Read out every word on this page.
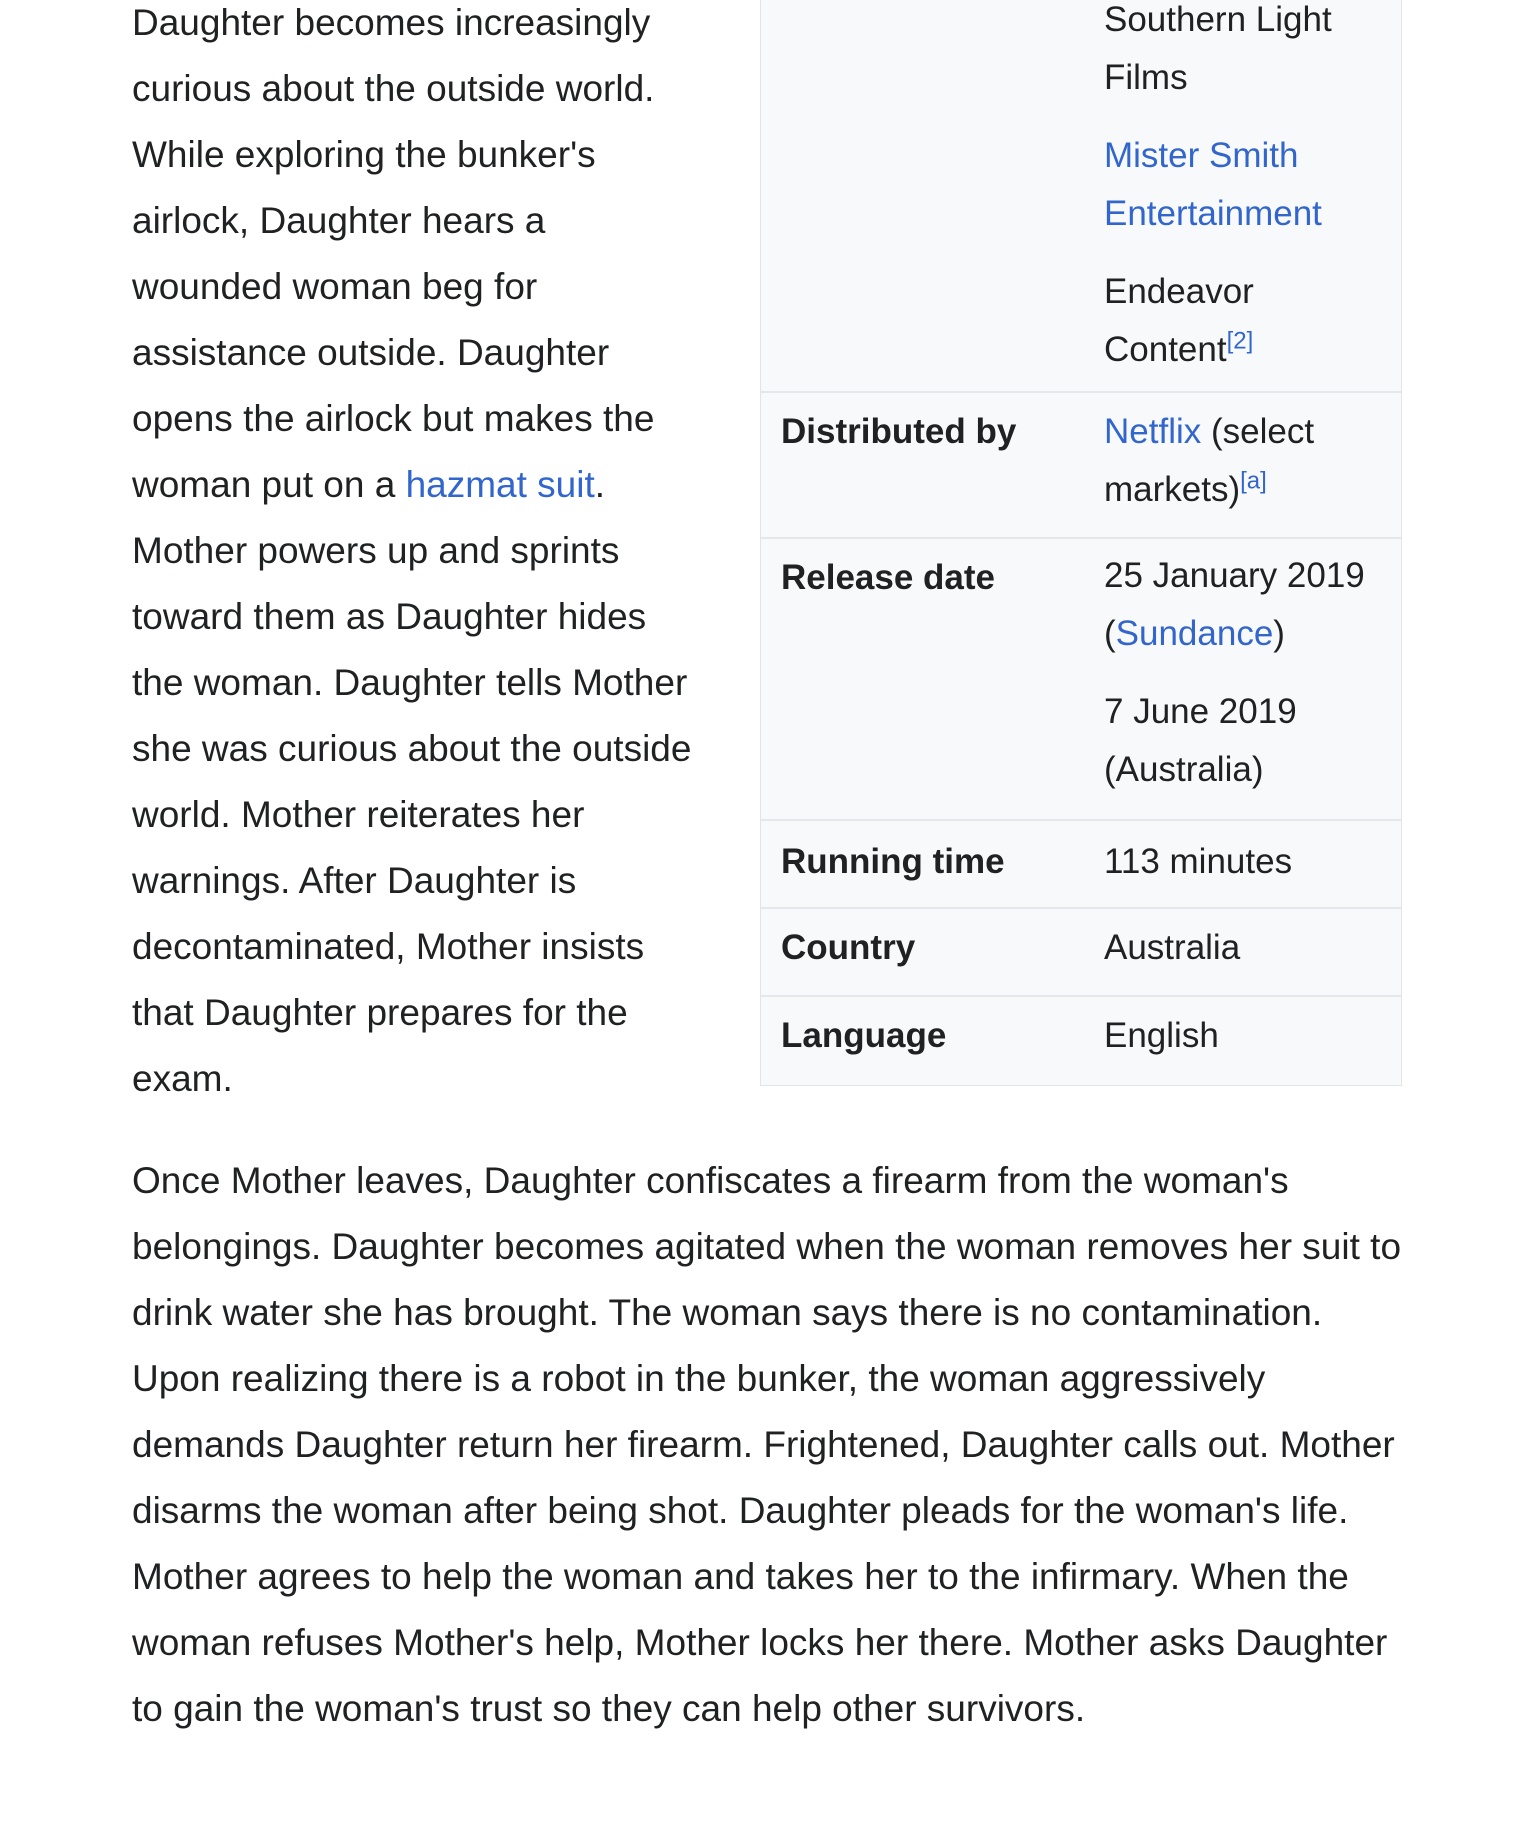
Daughter becomes increasingly curious about the outside world. While exploring the bunker's airlock, Daughter hears a wounded woman beg for assistance outside. Daughter opens the airlock but makes the woman put on a hazmat suit. Mother powers up and sprints toward them as Daughter hides the woman. Daughter tells Mother she was curious about the outside world. Mother reiterates her warnings. After Daughter is decontaminated, Mother insists that Daughter prepares for the exam.

Southern Light Films
Mister Smith Entertainment
Endeavor Content[2]
Distributed by	Netflix (select markets)[a]
Release date	25 January 2019 (Sundance)
7 June 2019 (Australia)
Running time	113 minutes
Country	Australia
Language	English

Once Mother leaves, Daughter confiscates a firearm from the woman's belongings. Daughter becomes agitated when the woman removes her suit to drink water she has brought. The woman says there is no contamination. Upon realizing there is a robot in the bunker, the woman aggressively demands Daughter return her firearm. Frightened, Daughter calls out. Mother disarms the woman after being shot. Daughter pleads for the woman's life. Mother agrees to help the woman and takes her to the infirmary. When the woman refuses Mother's help, Mother locks her there. Mother asks Daughter to gain the woman's trust so they can help other survivors.
